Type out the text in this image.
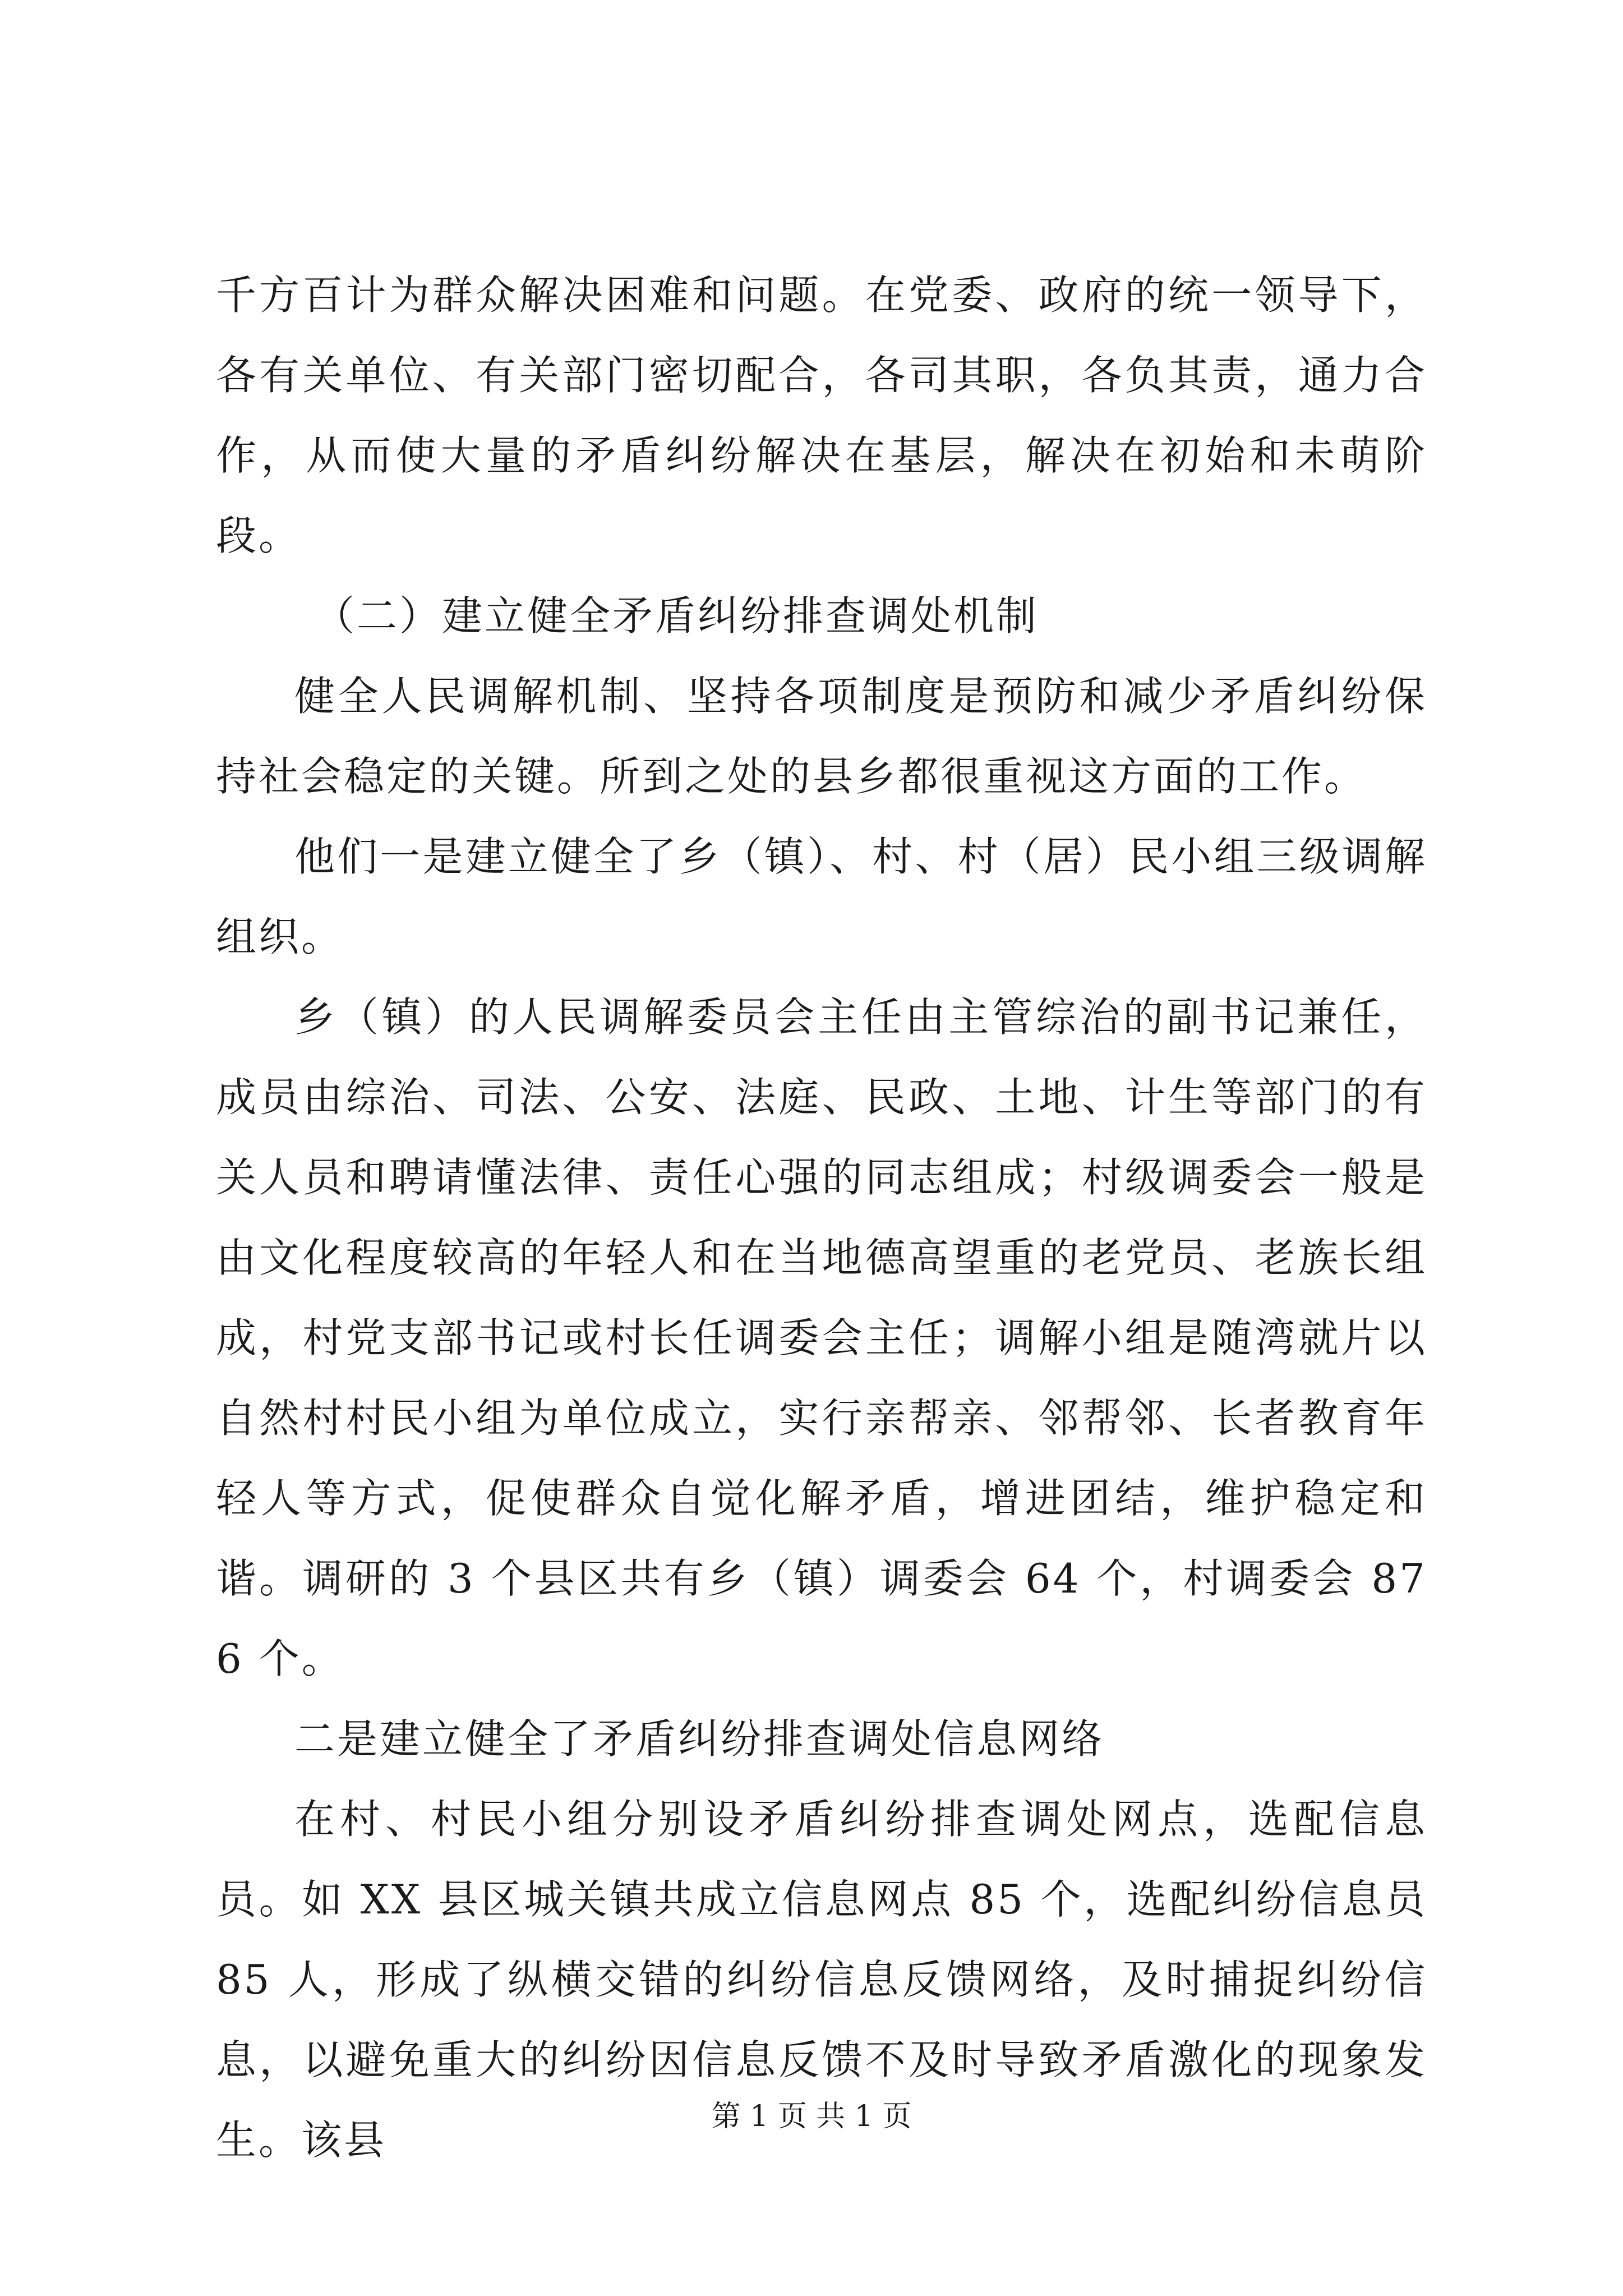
千方百计为群众解决困难和问题。在党委、政府的统一领导下，各有关单位、有关部门密切配合，各司其职，各负其责，通力合作，从而使大量的矛盾纠纷解决在基层，解决在初始和未萌阶段。

（二）建立健全矛盾纠纷排查调处机制

健全人民调解机制、坚持各项制度是预防和减少矛盾纠纷保持社会稳定的关键。所到之处的县乡都很重视这方面的工作。

他们一是建立健全了乡（镇）、村、村（居）民小组三级调解组织。

乡（镇）的人民调解委员会主任由主管综治的副书记兼任，成员由综治、司法、公安、法庭、民政、土地、计生等部门的有关人员和聘请懂法律、责任心强的同志组成；村级调委会一般是由文化程度较高的年轻人和在当地德高望重的老党员、老族长组成，村党支部书记或村长任调委会主任；调解小组是随湾就片以自然村村民小组为单位成立，实行亲帮亲、邻帮邻、长者教育年轻人等方式，促使群众自觉化解矛盾，增进团结，维护稳定和谐。调研的 3 个县区共有乡（镇）调委会 64 个，村调委会 876 个。

二是建立健全了矛盾纠纷排查调处信息网络

在村、村民小组分别设矛盾纠纷排查调处网点，选配信息员。如 XX 县区城关镇共成立信息网点 85 个，选配纠纷信息员 85 人，形成了纵横交错的纠纷信息反馈网络，及时捕捉纠纷信息，以避免重大的纠纷因信息反馈不及时导致矛盾激化的现象发生。该县	第 1 页 共 1 页
